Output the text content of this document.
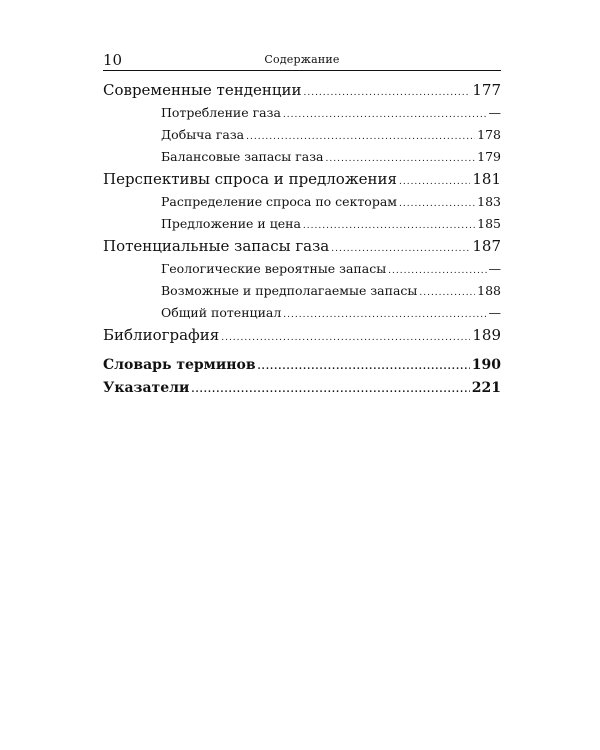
10	Содержание
Современные тенденции .....	177
Потребление газа .....	—
Добыча газа .....	178
Балансовые запасы газа .....	179
Перспективы спроса и предложения .....	181
Распределение спроса по секторам .....	183
Предложение и цена .....	185
Потенциальные запасы газа .....	187
Геологические вероятные запасы .....	—
Возможные и предполагаемые запасы .....	188
Общий потенциал .....	—
Библиография .....	189
Словарь терминов .....	190
Указатели .....	221
